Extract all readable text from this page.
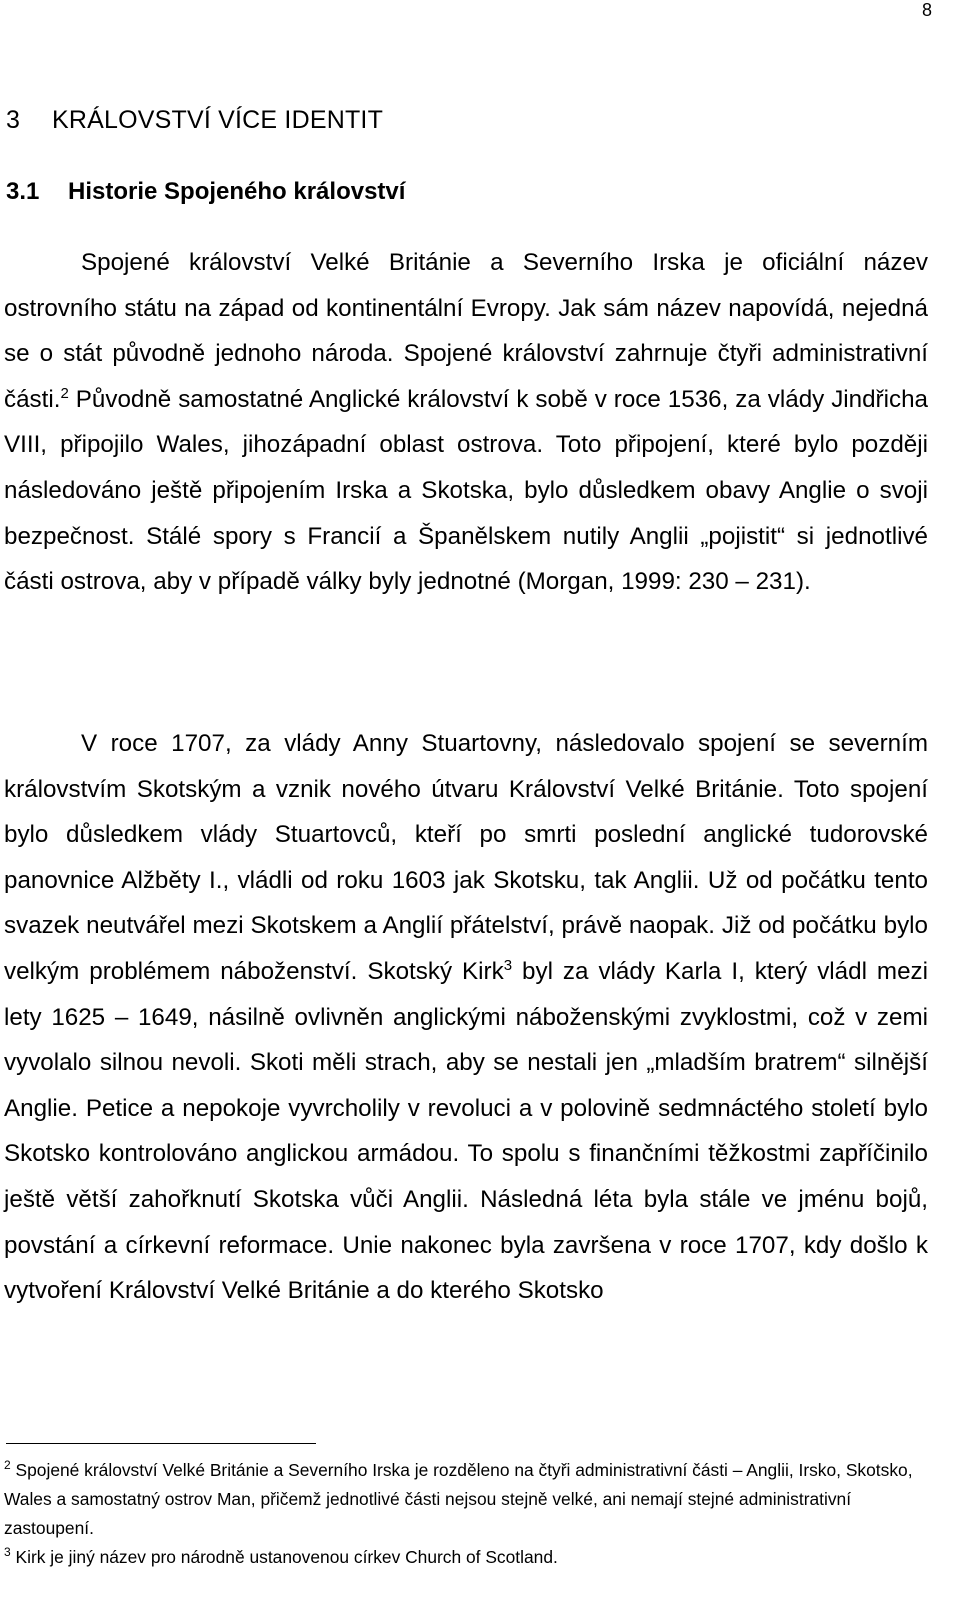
8
3 KRÁLOVSTVÍ VÍCE IDENTIT
3.1 Historie Spojeného království

Spojené království Velké Británie a Severního Irska je oficiální název ostrovního státu na západ od kontinentální Evropy. Jak sám název napovídá, nejedná se o stát původně jednoho národa. Spojené království zahrnuje čtyři administrativní části.$^2$ Původně samostatné Anglické království k sobě v roce 1536, za vlády Jindřicha VIII, připojilo Wales, jihozápadní oblast ostrova. Toto připojení, které bylo později následováno ještě připojením Irska a Skotska, bylo důsledkem obavy Anglie o svoji bezpečnost. Stálé spory s Francií a Španělskem nutily Anglii „pojistit“ si jednotlivé části ostrova, aby v případě války byly jednotné (Morgan, 1999: 230 – 231).

V roce 1707, za vlády Anny Stuartovny, následovalo spojení se severním královstvím Skotským a vznik nového útvaru Království Velké Británie. Toto spojení bylo důsledkem vlády Stuartovců, kteří po smrti poslední anglické tudorovské panovnice Alžběty I., vládli od roku 1603 jak Skotsku, tak Anglii. Už od počátku tento svazek neutvářel mezi Skotskem a Anglií přátelství, právě naopak. Již od počátku bylo velkým problémem náboženství. Skotský Kirk$^3$ byl za vlády Karla I, který vládl mezi lety 1625 – 1649, násilně ovlivněn anglickými náboženskými zvyklostmi, což v zemi vyvolalo silnou nevoli. Skoti měli strach, aby se nestali jen „mladším bratrem“ silnější Anglie. Petice a nepokoje vyvrcholily v revoluci a v polovině sedmnáctého století bylo Skotsko kontrolováno anglickou armádou. To spolu s finančními těžkostmi zapříčinilo ještě větší zahořknutí Skotska vůči Anglii. Následná léta byla stále ve jménu bojů, povstání a církevní reformace. Unie nakonec byla završena v roce 1707, kdy došlo k vytvoření Království Velké Británie a do kterého Skotsko

$^2$ Spojené království Velké Británie a Severního Irska je rozděleno na čtyři administrativní části – Anglii, Irsko, Skotsko, Wales a samostatný ostrov Man, přičemž jednotlivé části nejsou stejně velké, ani nemají stejné administrativní zastoupení.

$^3$ Kirk je jiný název pro národně ustanovenou církev Church of Scotland.
